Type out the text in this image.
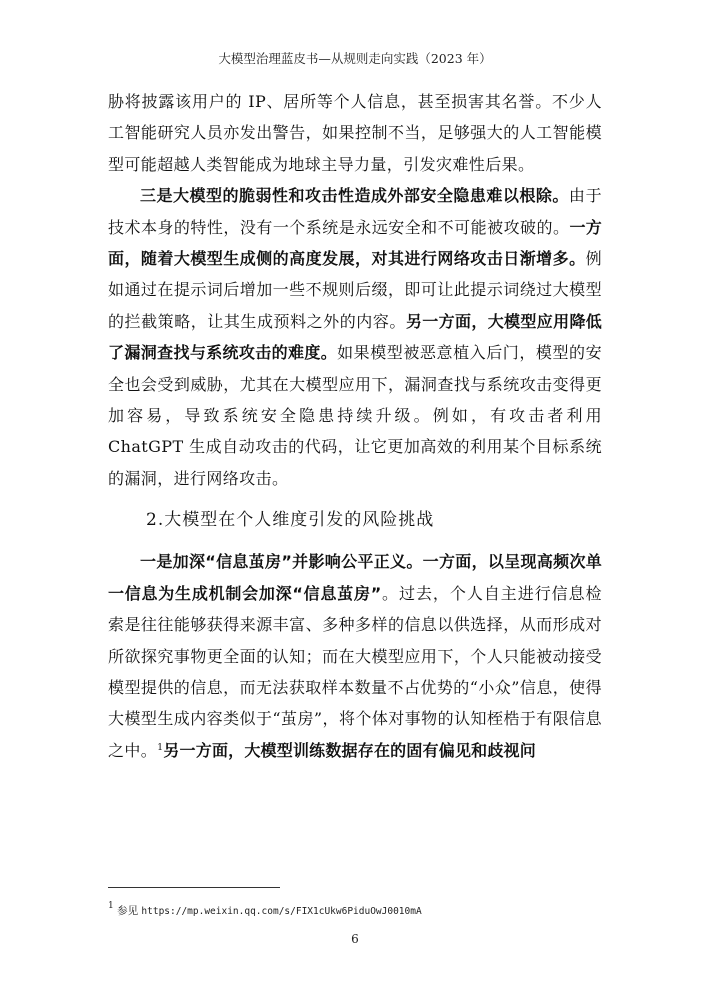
大模型治理蓝皮书—从规则走向实践（2023 年）

胁将披露该用户的 IP、居所等个人信息，甚至损害其名誉。不少人工智能研究人员亦发出警告，如果控制不当，足够强大的人工智能模型可能超越人类智能成为地球主导力量，引发灾难性后果。

三是大模型的脆弱性和攻击性造成外部安全隐患难以根除。由于技术本身的特性，没有一个系统是永远安全和不可能被攻破的。一方面，随着大模型生成侧的高度发展，对其进行网络攻击日渐增多。例如通过在提示词后增加一些不规则后缀，即可让此提示词绕过大模型的拦截策略，让其生成预料之外的内容。另一方面，大模型应用降低了漏洞查找与系统攻击的难度。如果模型被恶意植入后门，模型的安全也会受到威胁，尤其在大模型应用下，漏洞查找与系统攻击变得更加容易，导致系统安全隐患持续升级。例如，有攻击者利用 ChatGPT 生成自动攻击的代码，让它更加高效的利用某个目标系统的漏洞，进行网络攻击。

2.大模型在个人维度引发的风险挑战

一是加深“信息茧房”并影响公平正义。一方面，以呈现高频次单一信息为生成机制会加深“信息茧房”。过去，个人自主进行信息检索是往往能够获得来源丰富、多种多样的信息以供选择，从而形成对所欲探究事物更全面的认知；而在大模型应用下，个人只能被动接受模型提供的信息，而无法获取样本数量不占优势的“小众”信息，使得大模型生成内容类似于“茧房”，将个体对事物的认知桎梏于有限信息之中。$^1$另一方面，大模型训练数据存在的固有偏见和歧视问

$^1$ 参见 https://mp.weixin.qq.com/s/FIX1cUkw6PiduOwJ0010mA
6
